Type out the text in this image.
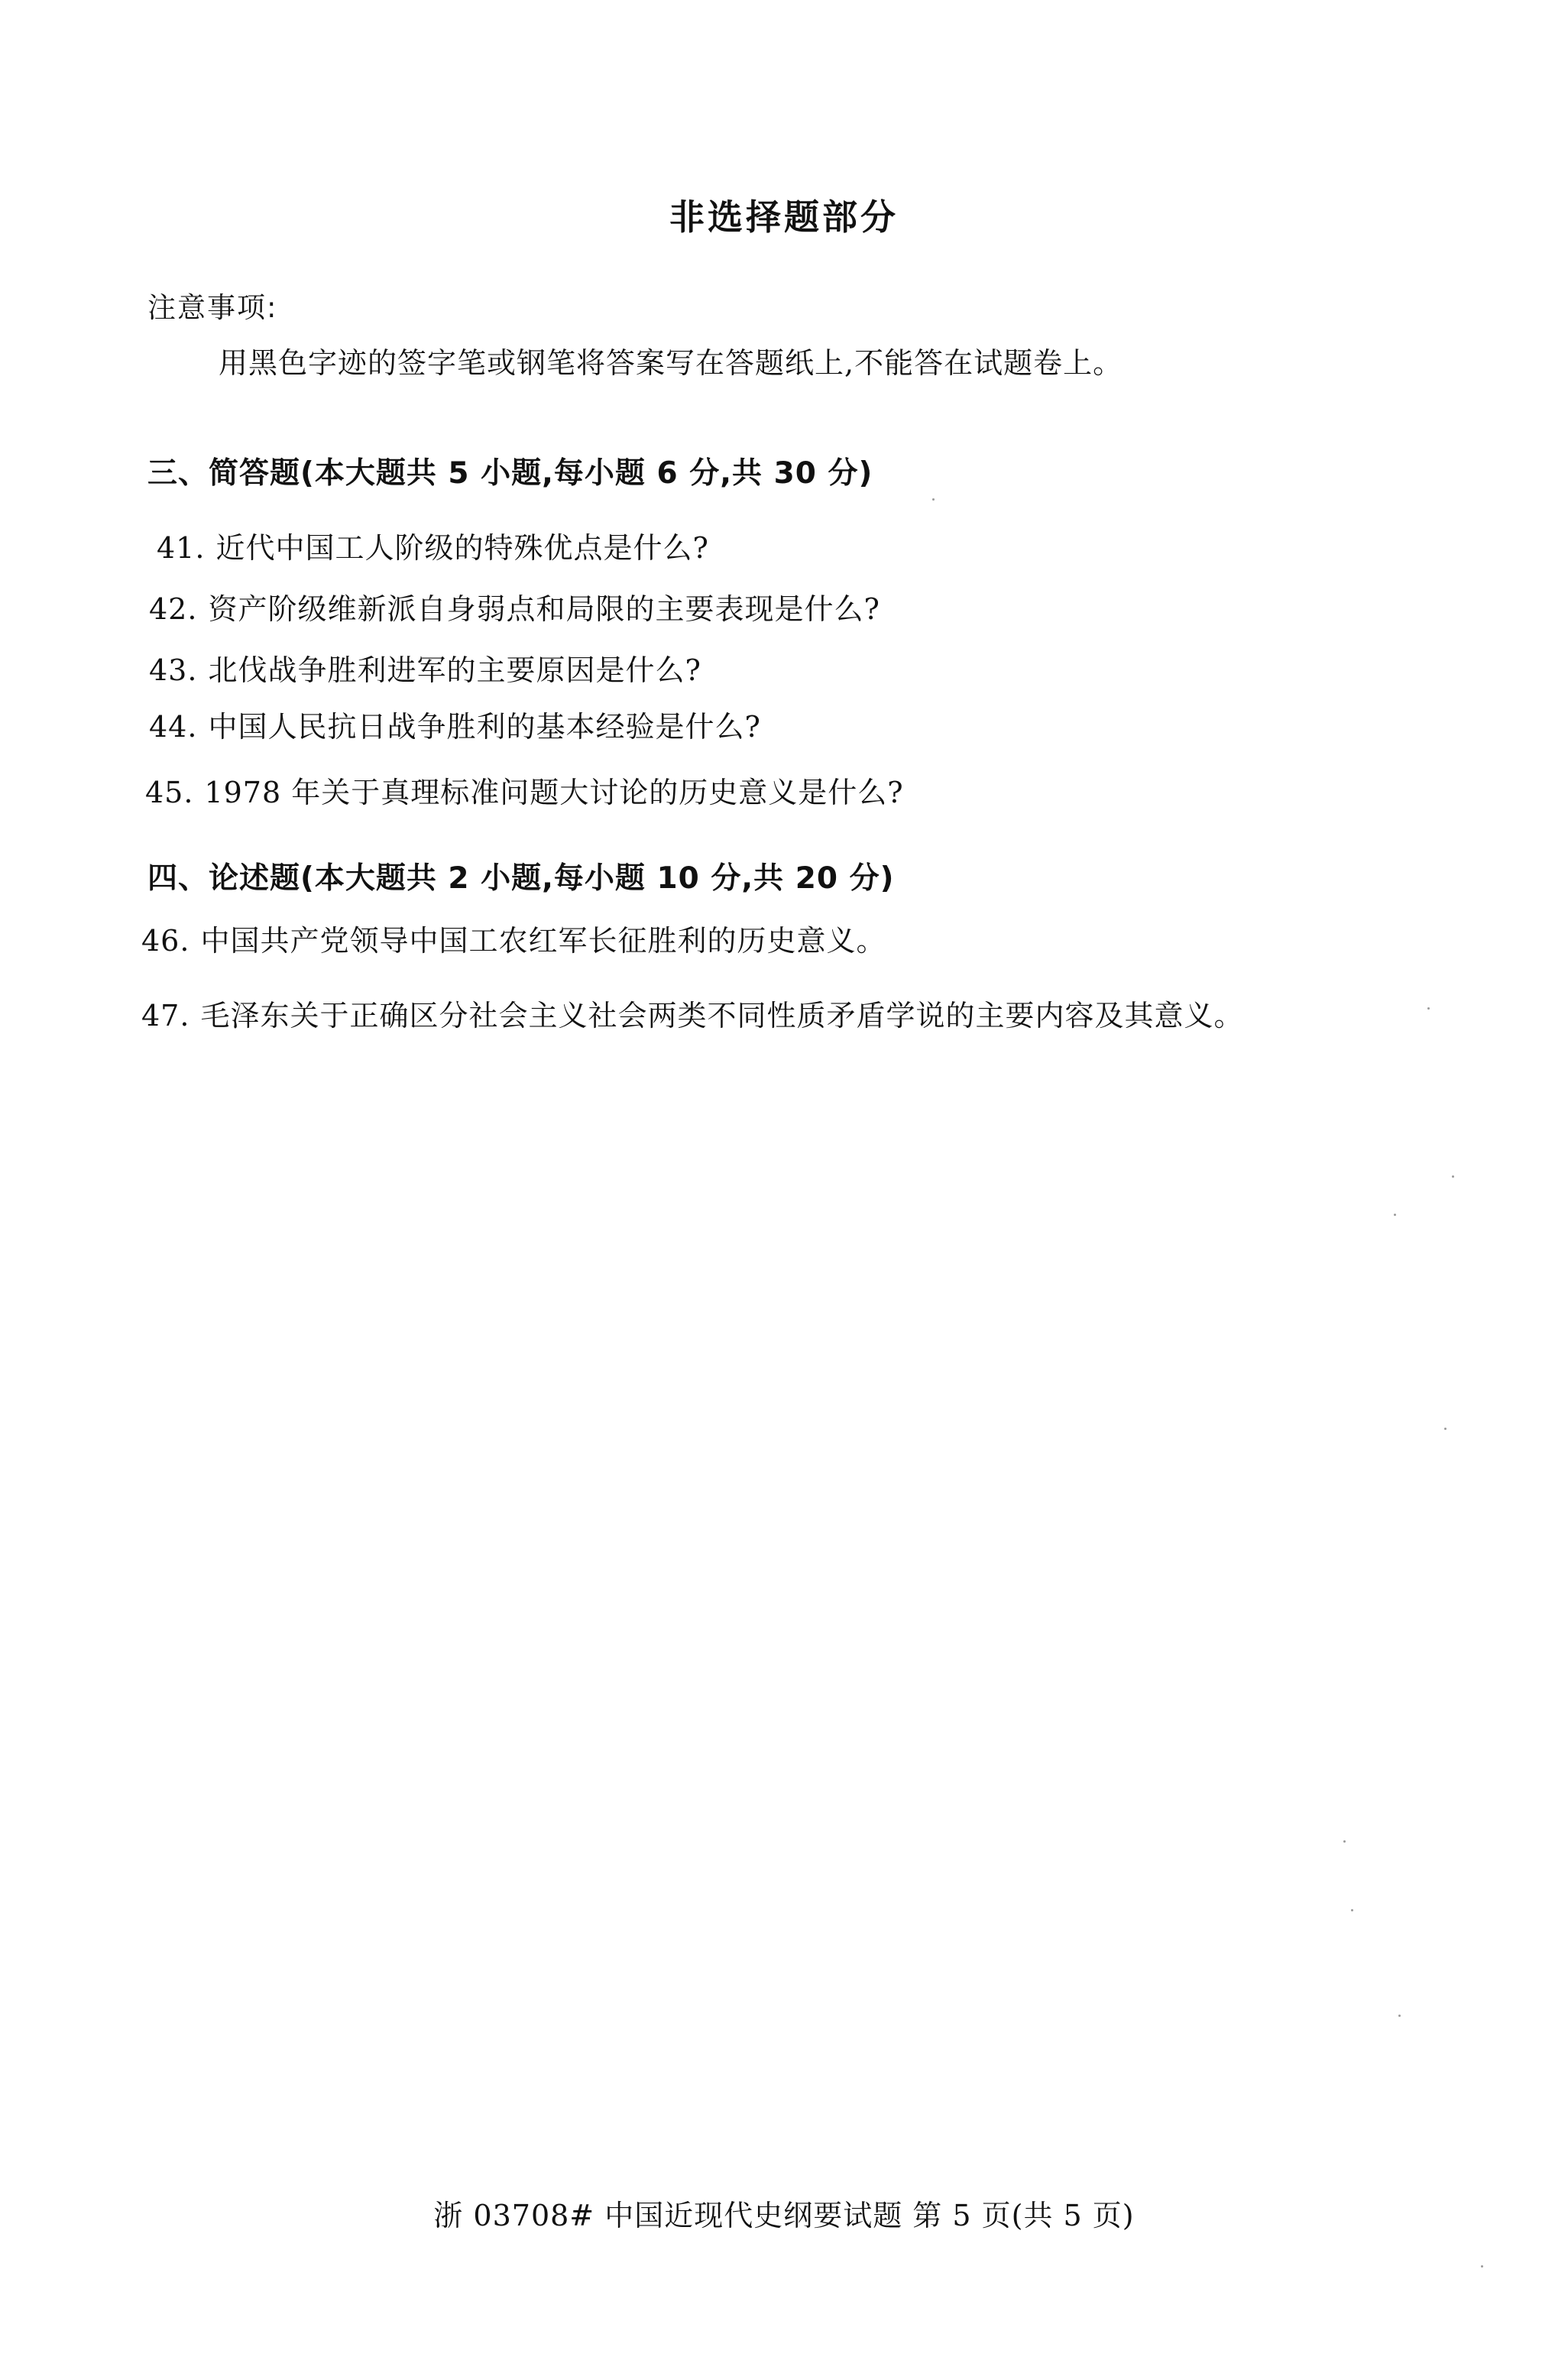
非选择题部分
注意事项:
用黑色字迹的签字笔或钢笔将答案写在答题纸上,不能答在试题卷上。
三、简答题(本大题共 5 小题,每小题 6 分,共 30 分)
41. 近代中国工人阶级的特殊优点是什么?
42. 资产阶级维新派自身弱点和局限的主要表现是什么?
43. 北伐战争胜利进军的主要原因是什么?
44. 中国人民抗日战争胜利的基本经验是什么?
45. 1978 年关于真理标准问题大讨论的历史意义是什么?
四、论述题(本大题共 2 小题,每小题 10 分,共 20 分)
46. 中国共产党领导中国工农红军长征胜利的历史意义。
47. 毛泽东关于正确区分社会主义社会两类不同性质矛盾学说的主要内容及其意义。
浙 03708# 中国近现代史纲要试题 第 5 页(共 5 页)
